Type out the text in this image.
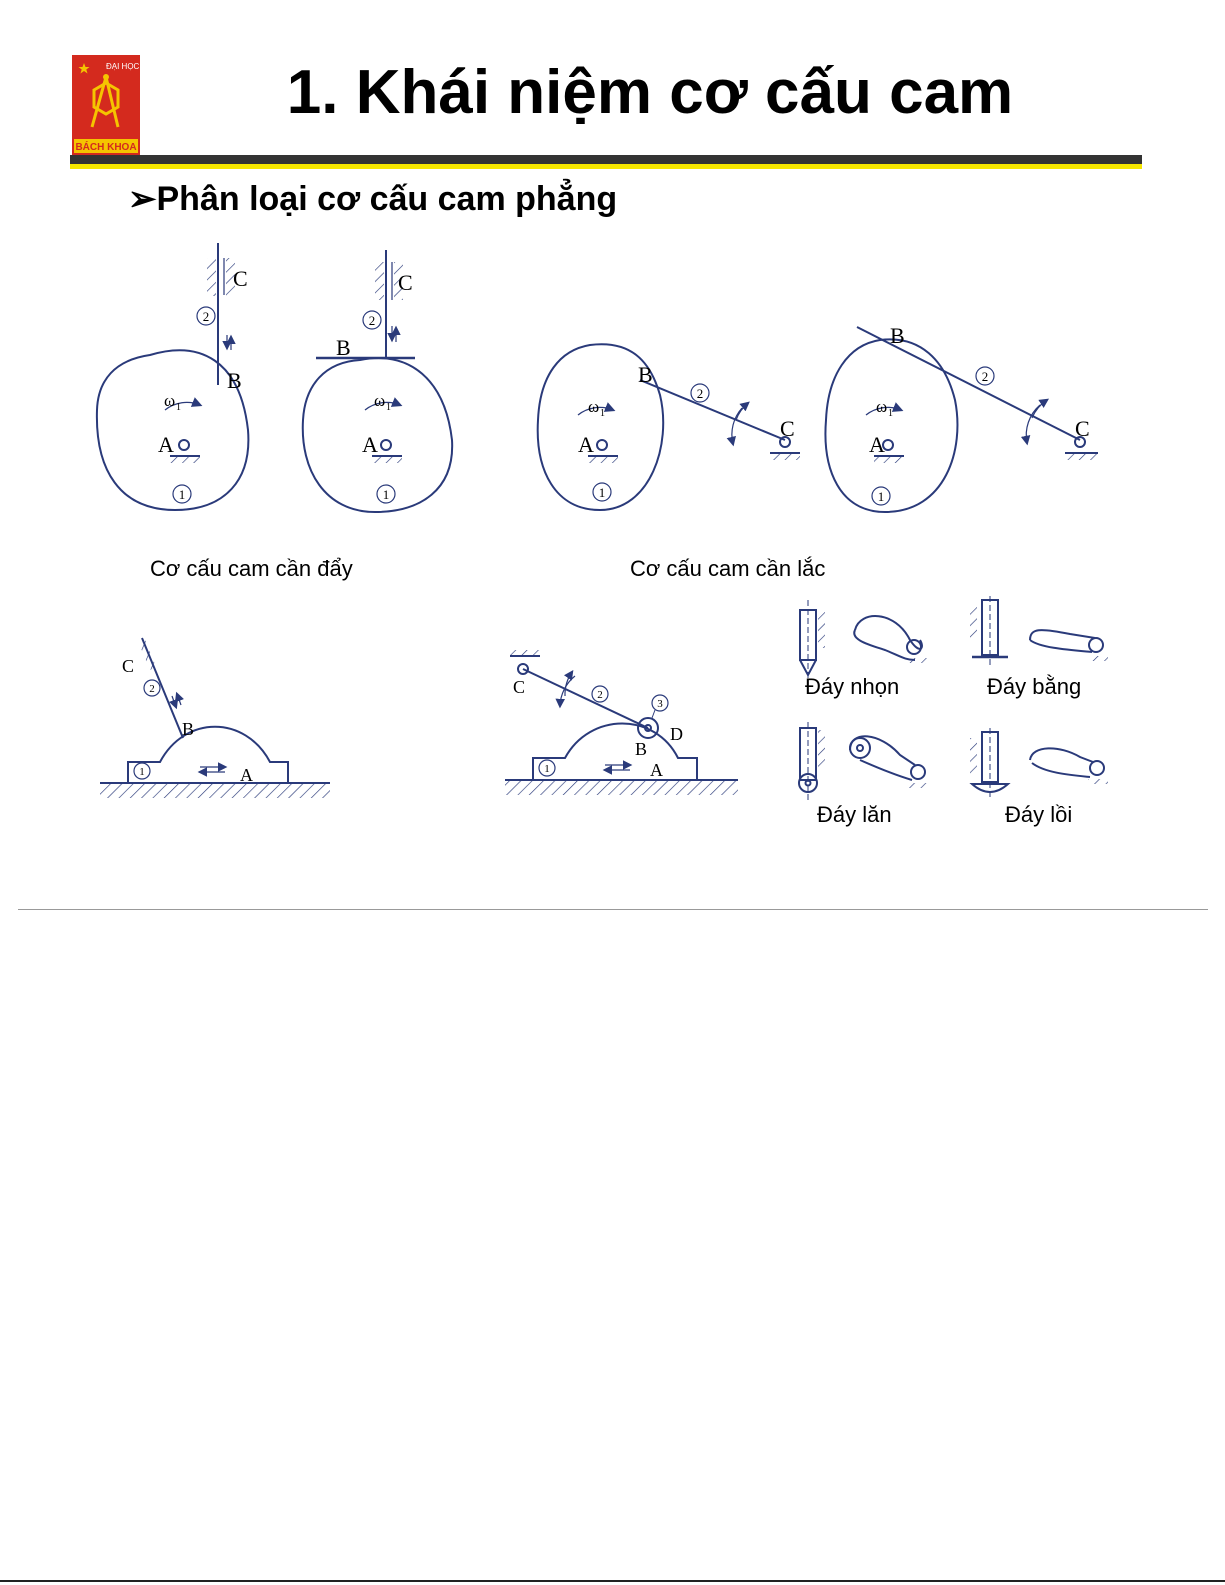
ĐẠI HỌC
BÁCH KHOA
1. Khái niệm cơ cấu cam
➢Phân loại cơ cấu cam phẳng
C
B
A
ω 1
2
1
C
B
A
ω 1
2
1
B
C
A
ω 1
2
1
B
C
A
ω 1
2
1
C
B
A
1
2	C
B
D
A
1
2
3
Cơ cấu cam cần đẩy	Cơ cấu cam cần lắc
Đáy nhọn	Đáy bằng
Đáy lăn	Đáy lồi
